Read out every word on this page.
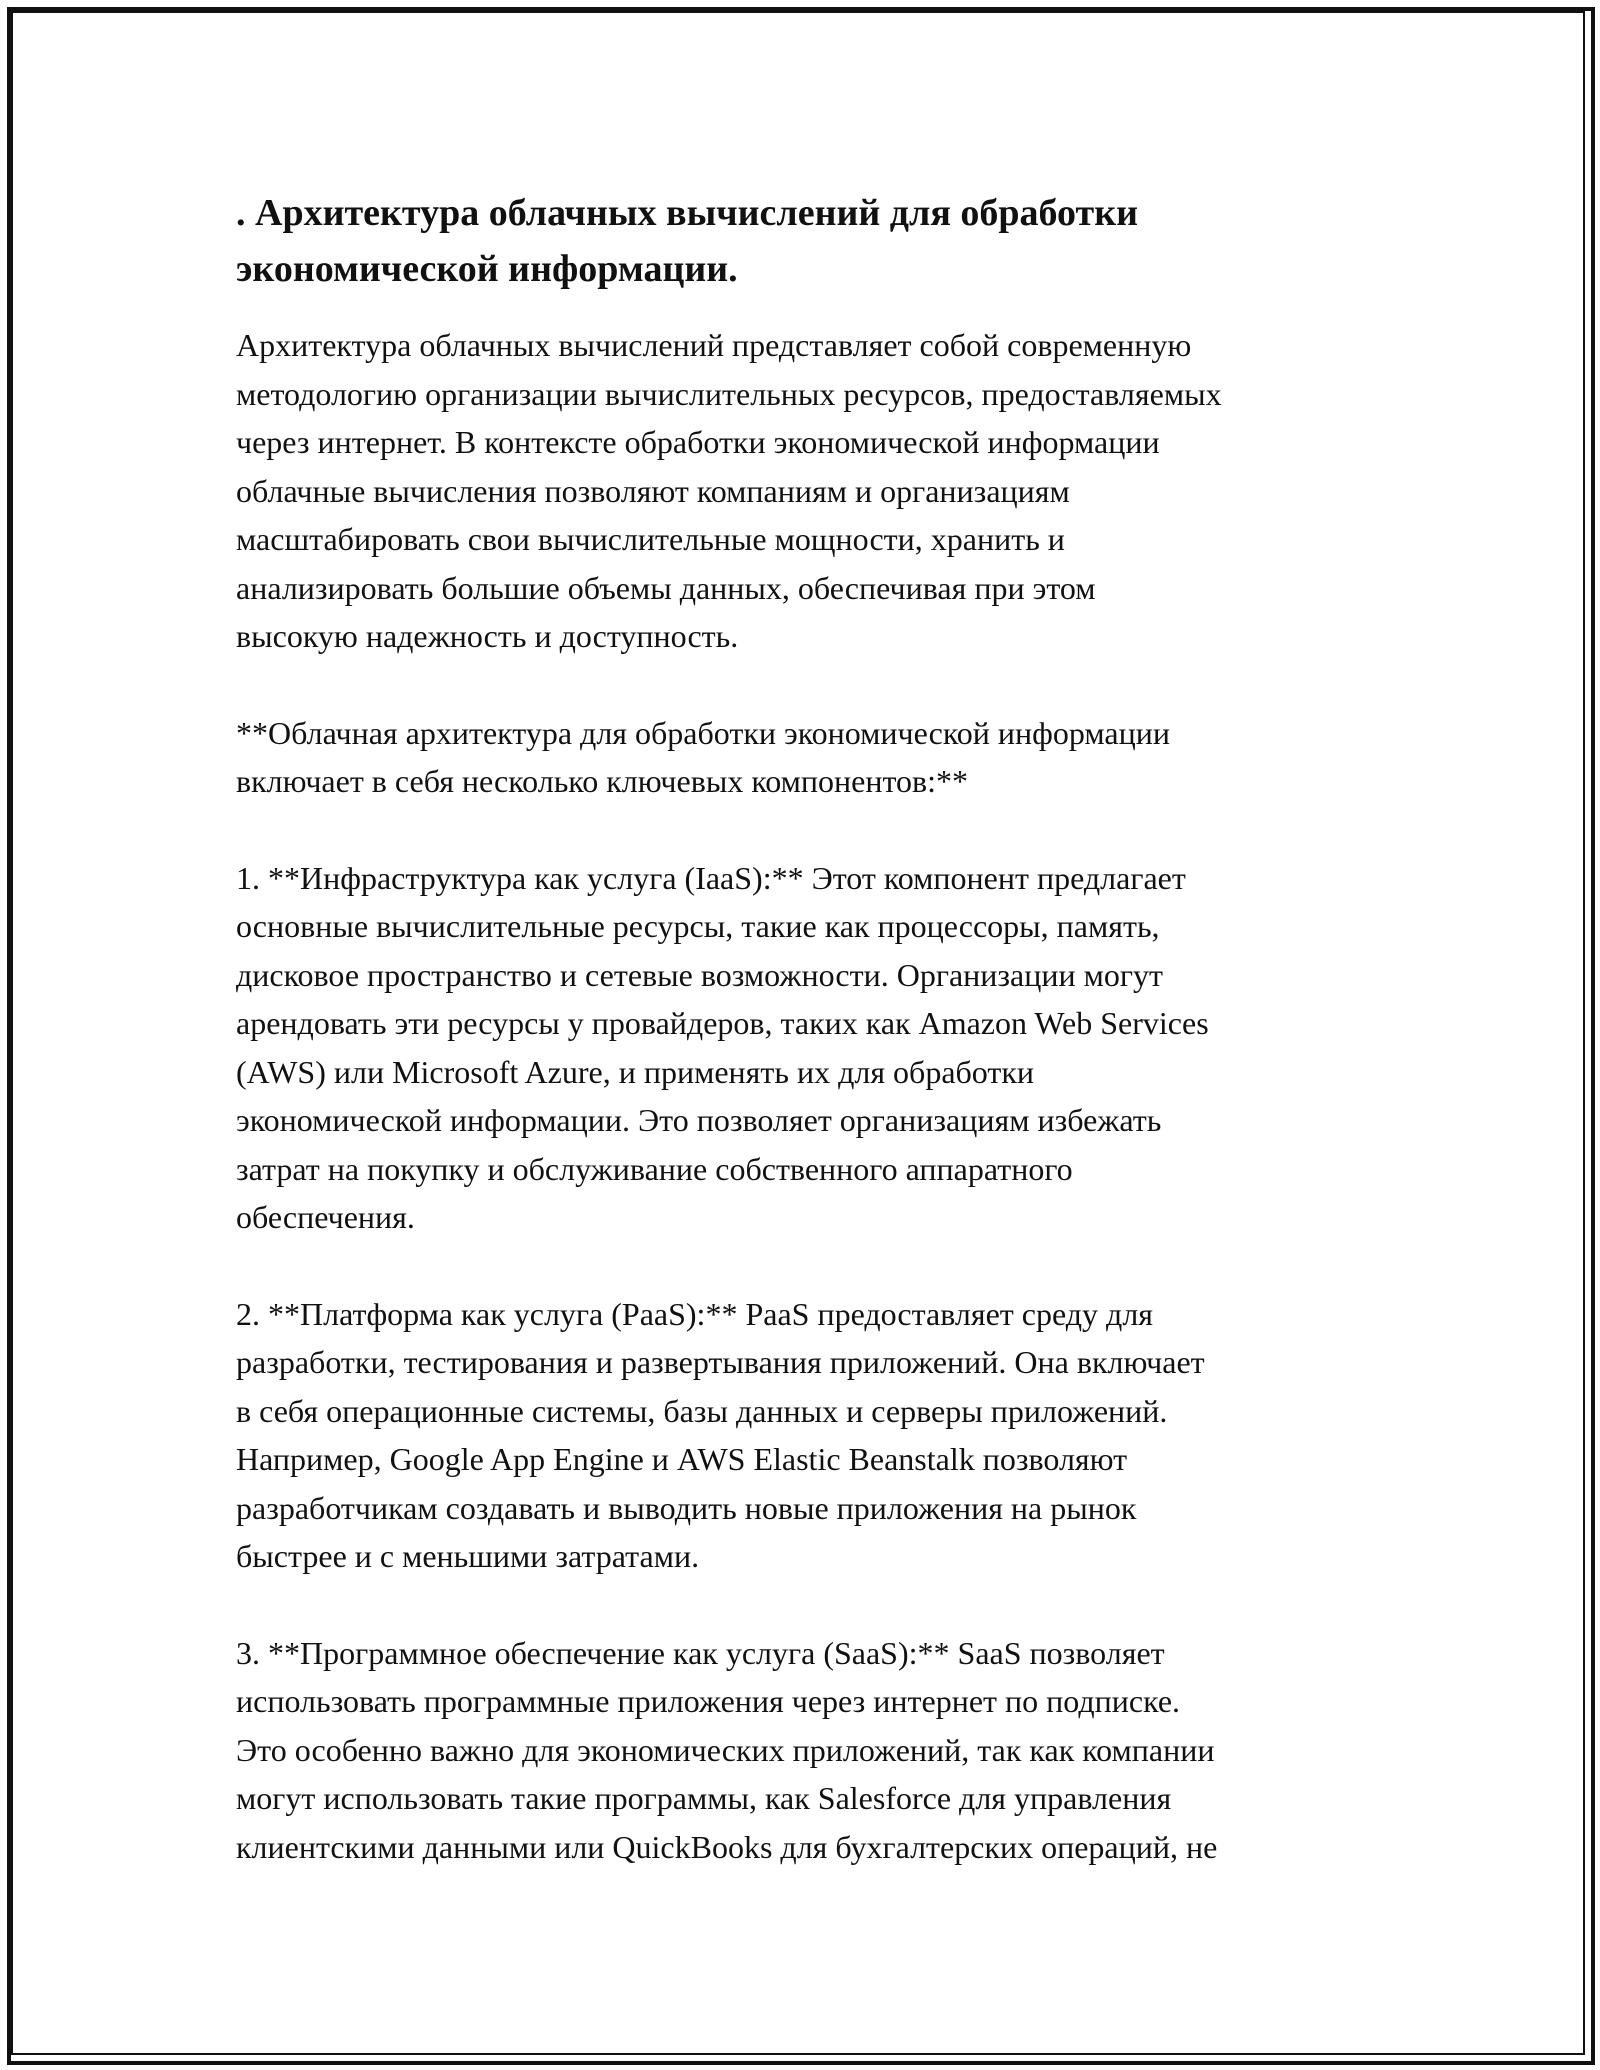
. Архитектура облачных вычислений для обработки
экономической информации.

Архитектура облачных вычислений представляет собой современную
методологию организации вычислительных ресурсов, предоставляемых
через интернет. В контексте обработки экономической информации
облачные вычисления позволяют компаниям и организациям
масштабировать свои вычислительные мощности, хранить и
анализировать большие объемы данных, обеспечивая при этом
высокую надежность и доступность.

**Облачная архитектура для обработки экономической информации
включает в себя несколько ключевых компонентов:**

1. **Инфраструктура как услуга (IaaS):** Этот компонент предлагает
основные вычислительные ресурсы, такие как процессоры, память,
дисковое пространство и сетевые возможности. Организации могут
арендовать эти ресурсы у провайдеров, таких как Amazon Web Services
(AWS) или Microsoft Azure, и применять их для обработки
экономической информации. Это позволяет организациям избежать
затрат на покупку и обслуживание собственного аппаратного
обеспечения.

2. **Платформа как услуга (PaaS):** PaaS предоставляет среду для
разработки, тестирования и развертывания приложений. Она включает
в себя операционные системы, базы данных и серверы приложений.
Например, Google App Engine и AWS Elastic Beanstalk позволяют
разработчикам создавать и выводить новые приложения на рынок
быстрее и с меньшими затратами.

3. **Программное обеспечение как услуга (SaaS):** SaaS позволяет
использовать программные приложения через интернет по подписке.
Это особенно важно для экономических приложений, так как компании
могут использовать такие программы, как Salesforce для управления
клиентскими данными или QuickBooks для бухгалтерских операций, не
